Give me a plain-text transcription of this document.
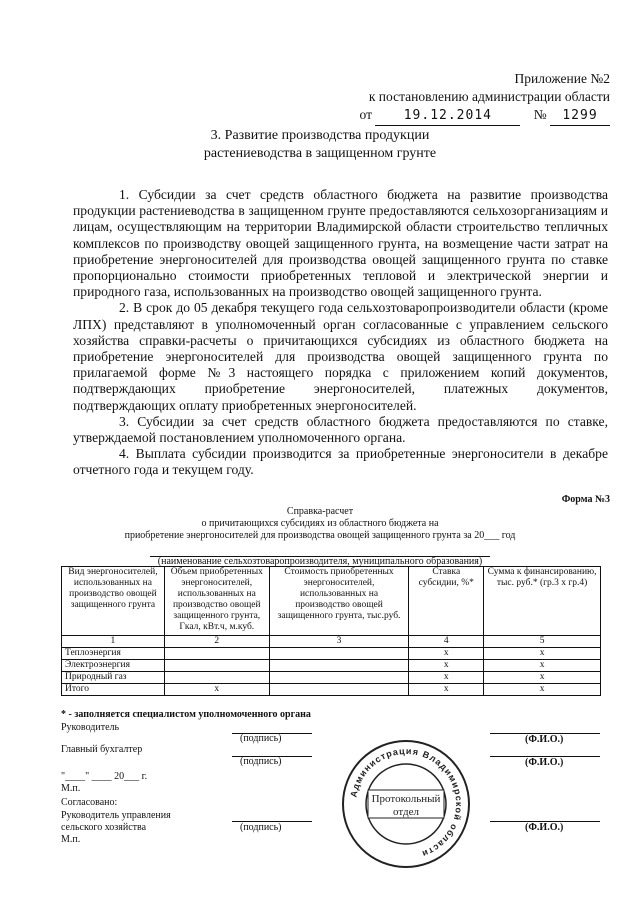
Приложение №2
к постановлению администрации области
от 19.12.2014	№ 1299
3. Развитие производства продукции
растениеводства в защищенном грунте

1. Субсидии за счет средств областного бюджета на развитие производства продукции растениеводства в защищенном грунте предоставляются сельхозорганизациям и лицам, осуществляющим на территории Владимирской области строительство тепличных комплексов по производству овощей защищенного грунта, на возмещение части затрат на приобретение энергоносителей для производства овощей защищенного грунта по ставке пропорционально стоимости приобретенных тепловой и электрической энергии и природного газа, использованных на производство овощей защищенного грунта.

2. В срок до 05 декабря текущего года сельхозтоваропроизводители области (кроме ЛПХ) представляют в уполномоченный орган согласованные с управлением сельского хозяйства справки-расчеты о причитающихся субсидиях из областного бюджета на приобретение энергоносителей для производства овощей защищенного грунта по прилагаемой форме №3 настоящего порядка с приложением копий документов, подтверждающих приобретение энергоносителей, платежных документов, подтверждающих оплату приобретенных энергоносителей.

3. Субсидии за счет средств областного бюджета предоставляются по ставке, утверждаемой постановлением уполномоченного органа.

4. Выплата субсидии производится за приобретенные энергоносители в декабре отчетного года и текущем году.

Форма №3
Справка-расчет
о причитающихся субсидиях из областного бюджета на
приобретение энергоносителей для производства овощей защищенного грунта за 20___ год
(наименование сельхозтоваропроизводителя, муниципального образования)
Вид энергоносителей, использованных на производство овощей защищенного грунта	Объем приобретенных энергоносителей, использованных на производство овощей защищенного грунта, Гкал, кВт.ч, м.куб.	Стоимость приобретенных энергоносителей, использованных на производство овощей защищенного грунта, тыс.руб.	Ставка субсидии, %*	Сумма к финансированию, тыс. руб.* (гр.3 х гр.4)
1	2	3	4	5
Теплоэнергия			x	x
Электроэнергия			x	x
Природный газ			x	x
Итого	x		x	x
* - заполняется специалистом уполномоченного органа
Руководитель
(подпись)	(Ф.И.О.)
Главный бухгалтер
(подпись)	(Ф.И.О.)
"____" ____ 20___ г.
М.п.
Согласовано:
Руководитель управления
сельского хозяйства	(подпись)	(Ф.И.О.)
М.п.
Администрация Владимирской области
Протокольный
отдел
